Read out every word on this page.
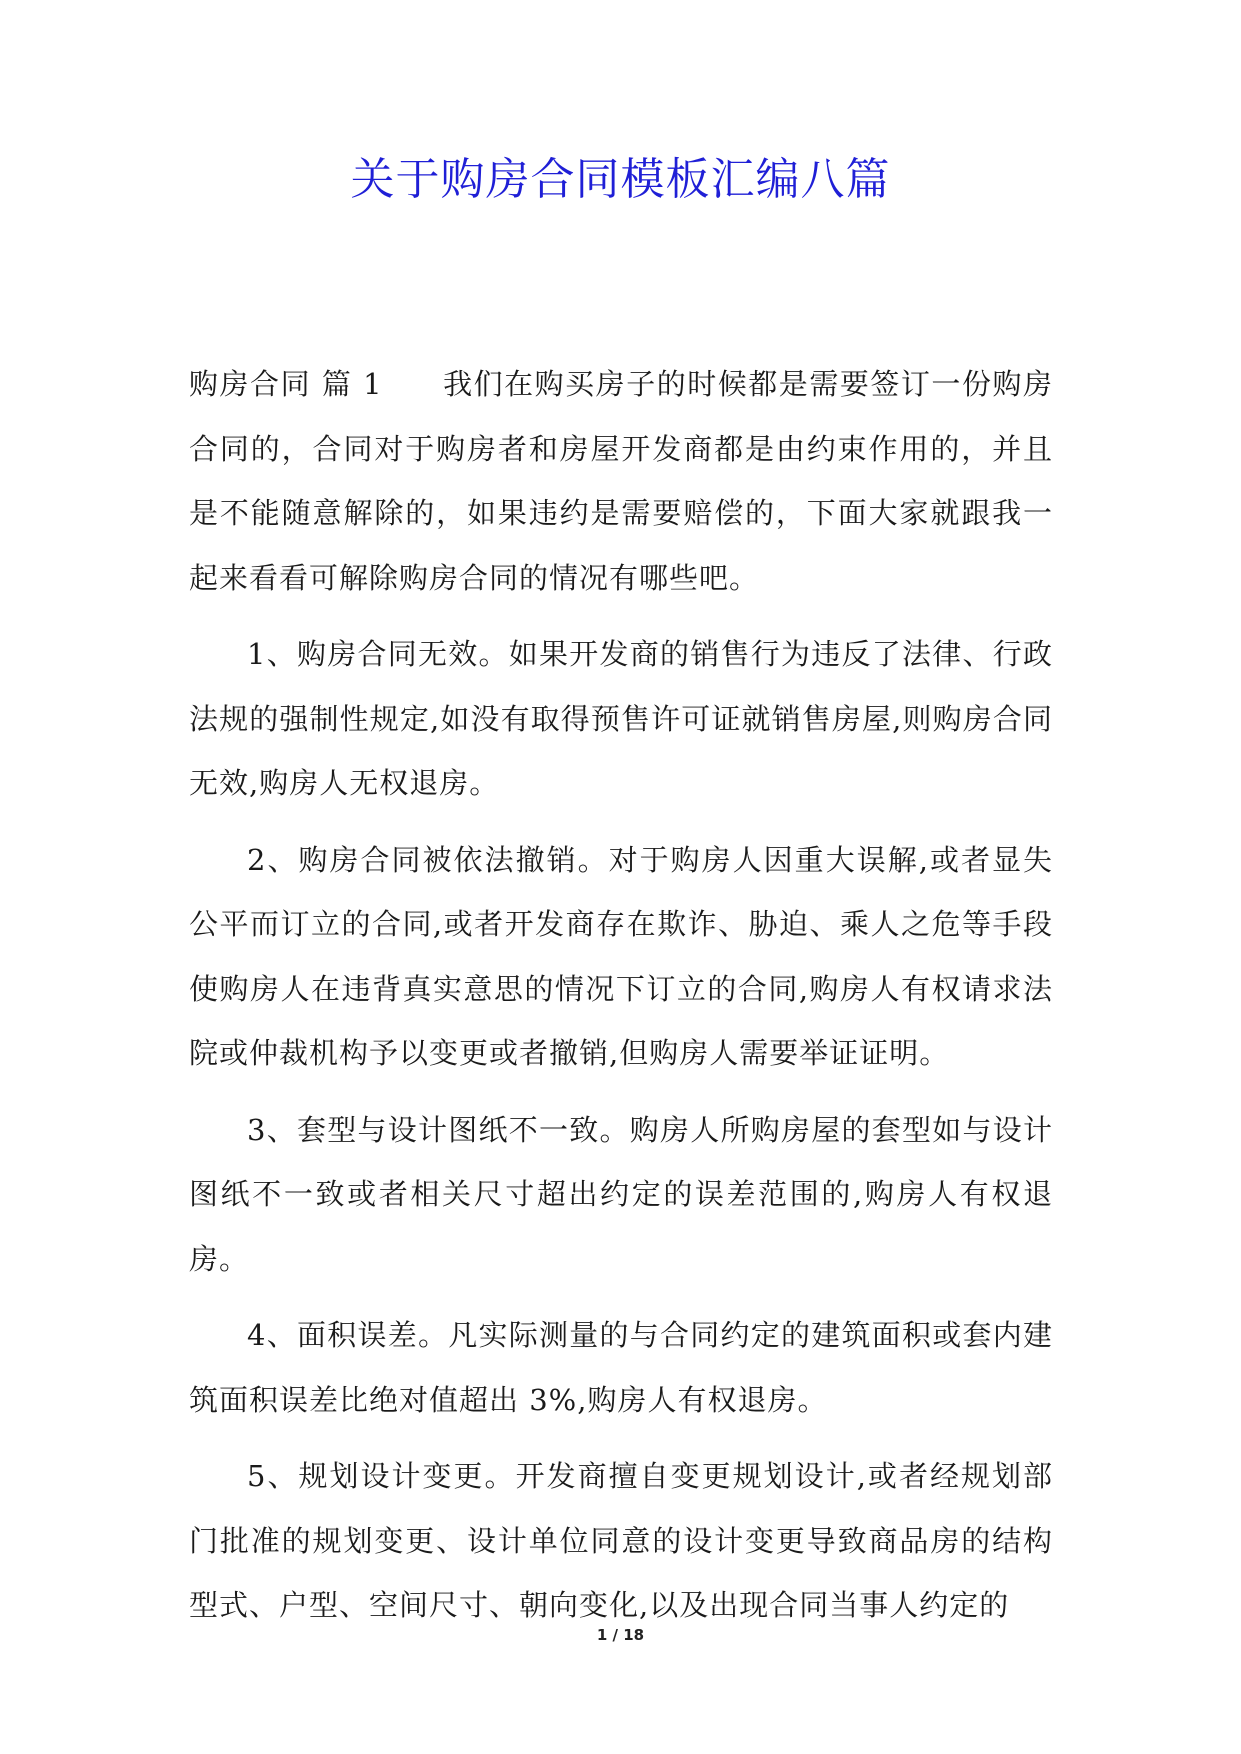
关于购房合同模板汇编八篇

购房合同 篇 1 我们在购买房子的时候都是需要签订一份购房合同的，合同对于购房者和房屋开发商都是由约束作用的，并且是不能随意解除的，如果违约是需要赔偿的，下面大家就跟我一起来看看可解除购房合同的情况有哪些吧。

1、购房合同无效。如果开发商的销售行为违反了法律、行政法规的强制性规定,如没有取得预售许可证就销售房屋,则购房合同无效,购房人无权退房。

2、购房合同被依法撤销。对于购房人因重大误解,或者显失公平而订立的合同,或者开发商存在欺诈、胁迫、乘人之危等手段使购房人在违背真实意思的情况下订立的合同,购房人有权请求法院或仲裁机构予以变更或者撤销,但购房人需要举证证明。

3、套型与设计图纸不一致。购房人所购房屋的套型如与设计图纸不一致或者相关尺寸超出约定的误差范围的,购房人有权退房。

4、面积误差。凡实际测量的与合同约定的建筑面积或套内建筑面积误差比绝对值超出 3%,购房人有权退房。

5、规划设计变更。开发商擅自变更规划设计,或者经规划部门批准的规划变更、设计单位同意的设计变更导致商品房的结构型式、户型、空间尺寸、朝向变化,以及出现合同当事人约定的

1 / 18
